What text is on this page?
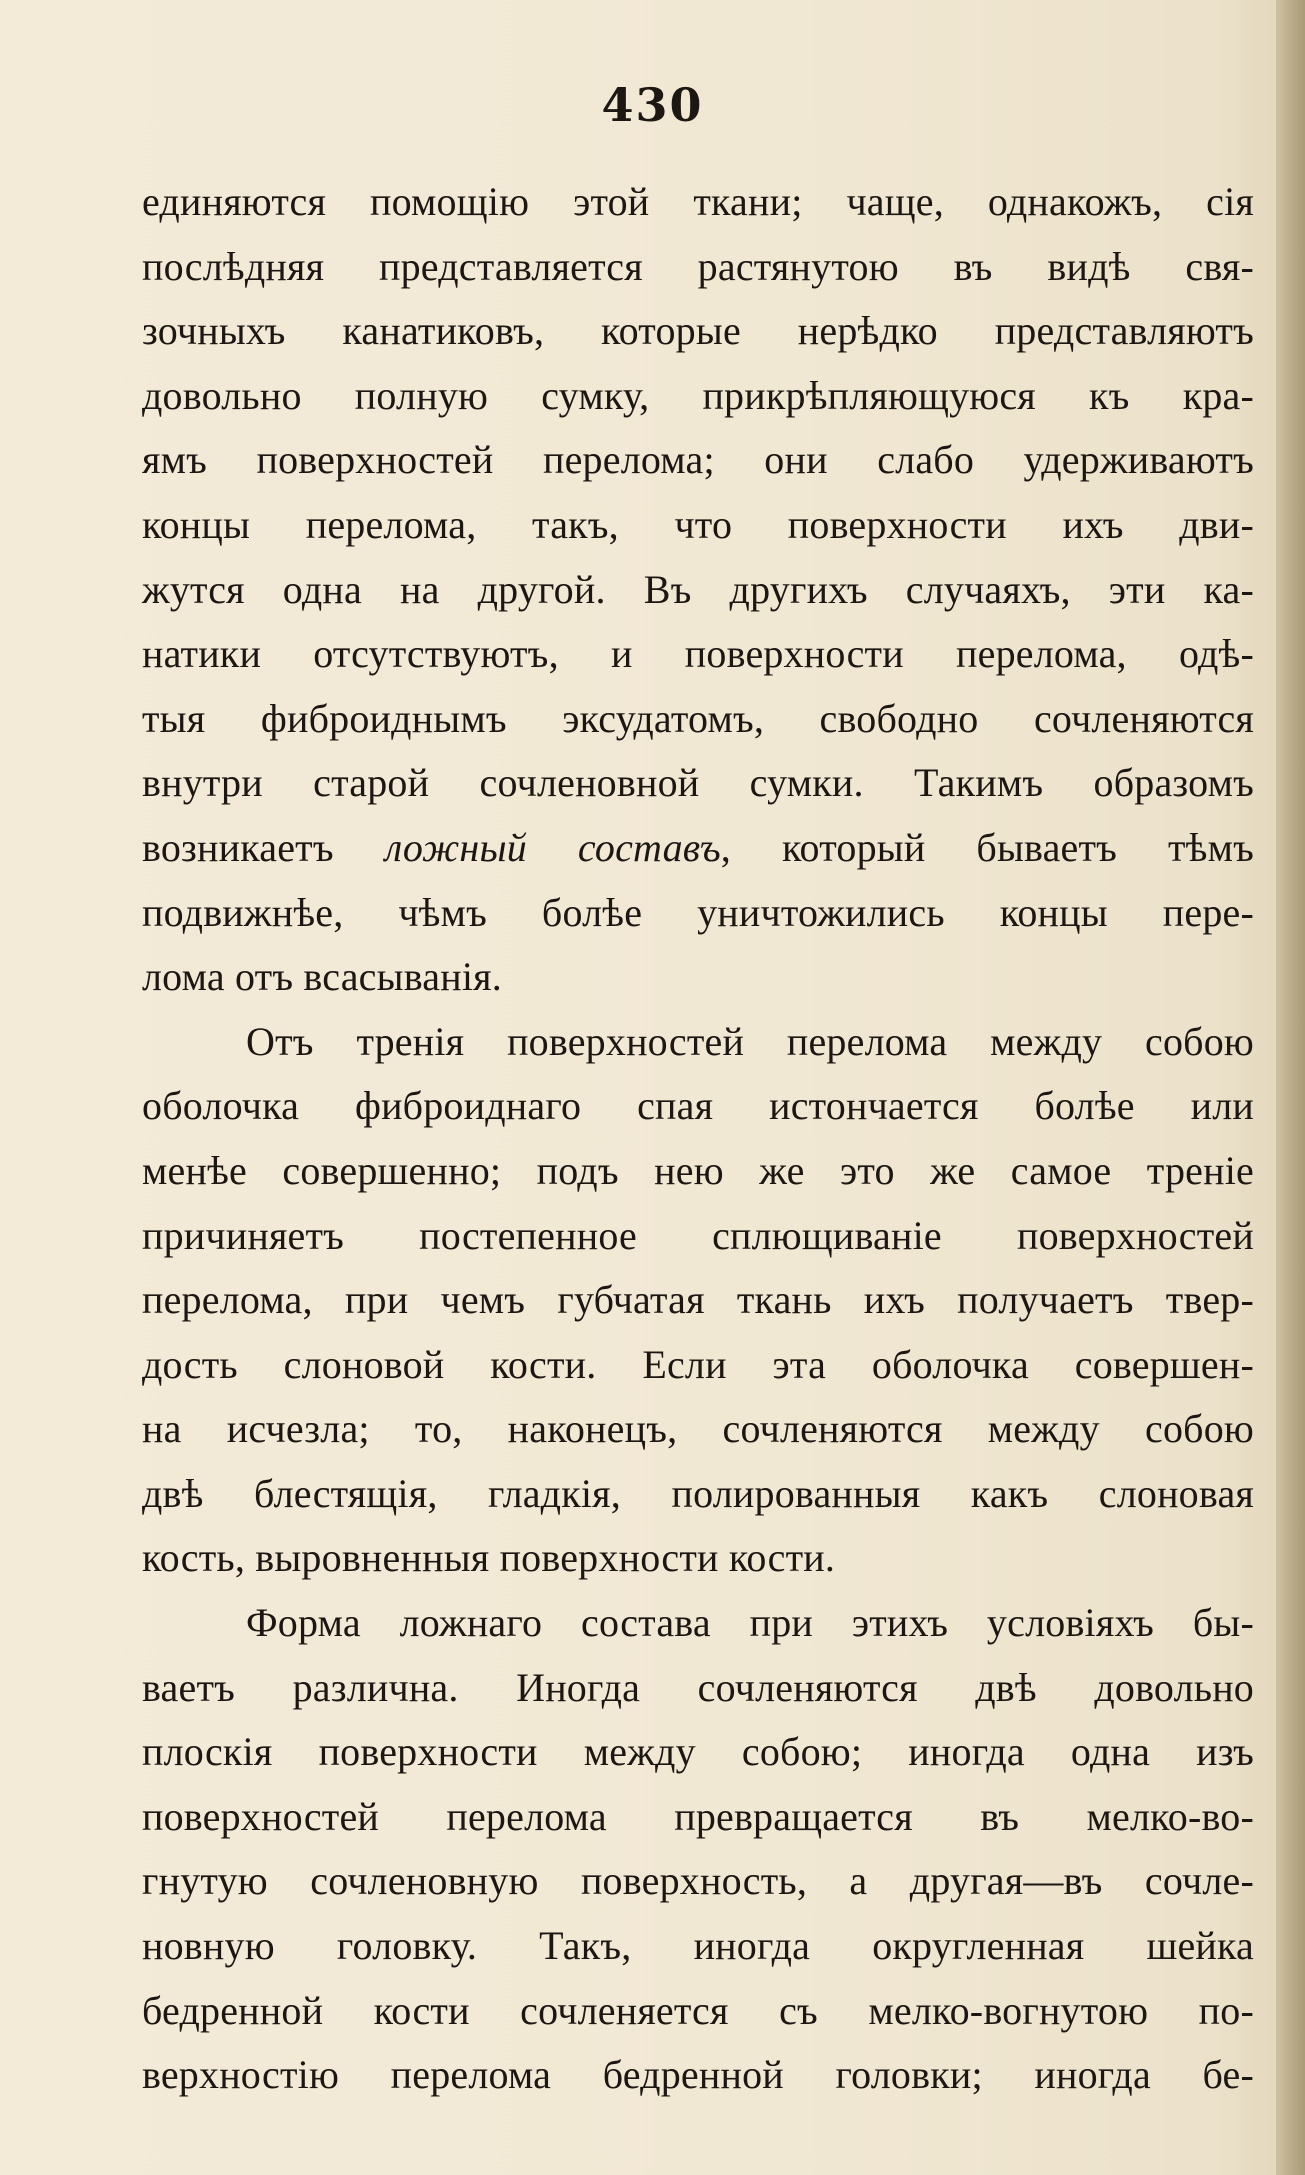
430
единяются помощію этой ткани; чаще, однакожъ, сія
послѣдняя представляется растянутою въ видѣ свя-
зочныхъ канатиковъ, которые нерѣдко представляютъ
довольно полную сумку, прикрѣпляющуюся къ кра-
ямъ поверхностей перелома; они слабо удерживаютъ
концы перелома, такъ, что поверхности ихъ дви-
жутся одна на другой. Въ другихъ случаяхъ, эти ка-
натики отсутствуютъ, и поверхности перелома, одѣ-
тыя фиброиднымъ эксудатомъ, свободно сочленяются
внутри старой сочленовной сумки. Такимъ образомъ
возникаетъ ложный составъ, который бываетъ тѣмъ
подвижнѣе, чѣмъ болѣе уничтожились концы пере-
лома отъ всасыванія.
Отъ тренія поверхностей перелома между собою
оболочка фиброиднаго спая истончается болѣе или
менѣе совершенно; подъ нею же это же самое треніе
причиняетъ постепенное сплющиваніе поверхностей
перелома, при чемъ губчатая ткань ихъ получаетъ твер-
дость слоновой кости. Если эта оболочка совершен-
на исчезла; то, наконецъ, сочленяются между собою
двѣ блестящія, гладкія, полированныя какъ слоновая
кость, выровненныя поверхности кости.
Форма ложнаго состава при этихъ условіяхъ бы-
ваетъ различна. Иногда сочленяются двѣ довольно
плоскія поверхности между собою; иногда одна изъ
поверхностей перелома превращается въ мелко-во-
гнутую сочленовную поверхность, а другая—въ сочле-
новную головку. Такъ, иногда округленная шейка
бедренной кости сочленяется съ мелко-вогнутою по-
верхностію перелома бедренной головки; иногда бе-
